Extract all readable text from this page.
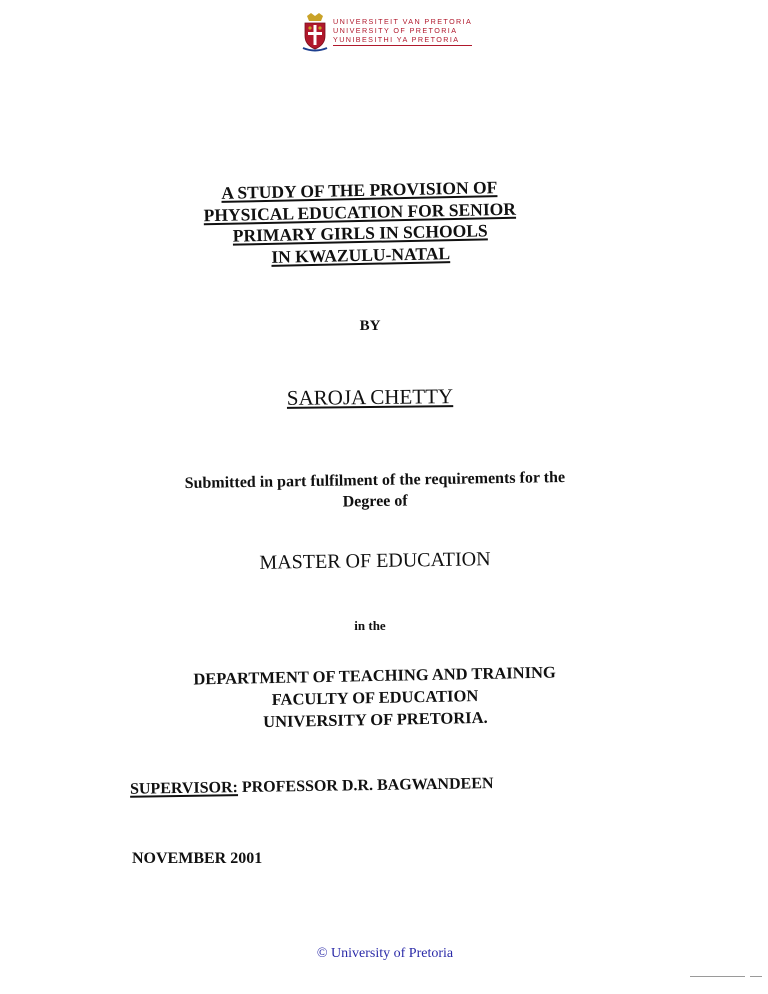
UNIVERSITEIT VAN PRETORIA
UNIVERSITY OF PRETORIA
YUNIBESITHI YA PRETORIA
A STUDY OF THE PROVISION OF
PHYSICAL EDUCATION FOR SENIOR
PRIMARY GIRLS IN SCHOOLS
IN KWAZULU-NATAL
BY
SAROJA CHETTY
Submitted in part fulfilment of the requirements for the
Degree of
MASTER OF EDUCATION
in the
DEPARTMENT OF TEACHING AND TRAINING
FACULTY OF EDUCATION
UNIVERSITY OF PRETORIA.
SUPERVISOR: PROFESSOR D.R. BAGWANDEEN
NOVEMBER 2001
© University of Pretoria
